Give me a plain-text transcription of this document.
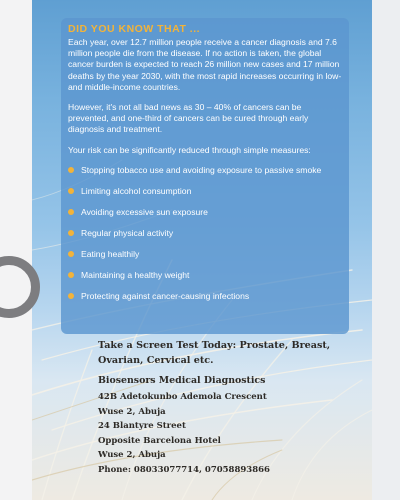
DID YOU KNOW THAT ...

Each year, over 12.7 million people receive a cancer diagnosis and 7.6 million people die from the disease. If no action is taken, the global cancer burden is expected to reach 26 million new cases and 17 million deaths by the year 2030, with the most rapid increases occurring in low- and middle-income countries.

However, it's not all bad news as 30 – 40% of cancers can be prevented, and one-third of cancers can be cured through early diagnosis and treatment.

Your risk can be significantly reduced through simple measures:

Stopping tobacco use and avoiding exposure to passive smoke
Limiting alcohol consumption
Avoiding excessive sun exposure
Regular physical activity
Eating healthily
Maintaining a healthy weight
Protecting against cancer-causing infections

Take a Screen Test Today: Prostate, Breast, Ovarian, Cervical etc.

Biosensors Medical Diagnostics

42B Adetokunbo Ademola Crescent

Wuse 2, Abuja

24 Blantyre Street

Opposite Barcelona Hotel

Wuse 2, Abuja

Phone: 08033077714, 07058893866
